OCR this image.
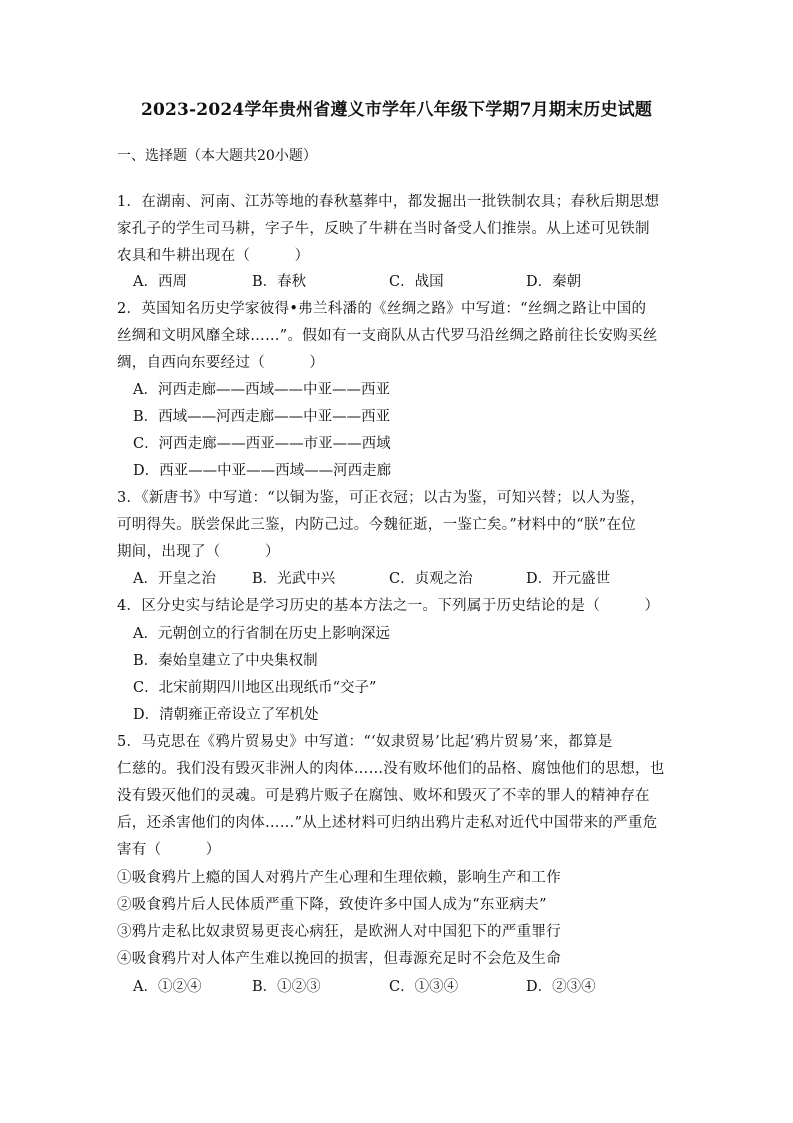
2023-2024学年贵州省遵义市学年八年级下学期7月期末历史试题
一、选择题（本大题共20小题）
1．在湖南、河南、江苏等地的春秋墓葬中，都发掘出一批铁制农具；春秋后期思想
家孔子的学生司马耕，字子牛，反映了牛耕在当时备受人们推崇。从上述可见铁制
农具和牛耕出现在（　　　）
A．西周	B．春秋	C．战国	D．秦朝
2．英国知名历史学家彼得•弗兰科潘的《丝绸之路》中写道：“丝绸之路让中国的
丝绸和文明风靡全球……”。假如有一支商队从古代罗马沿丝绸之路前往长安购买丝
绸，自西向东要经过（　　　）
A．河西走廊——西域——中亚——西亚
B．西域——河西走廊——中亚——西亚
C．河西走廊——西亚——市亚——西域
D．西亚——中亚——西域——河西走廊
3．《新唐书》中写道：“以铜为鉴，可正衣冠；以古为鉴，可知兴替；以人为鉴，
可明得失。朕尝保此三鉴，内防己过。今魏征逝，一鉴亡矣。”材料中的“朕”在位
期间，出现了（　　　）
A．开皇之治 B．光武中兴	C．贞观之治	D．开元盛世
4．区分史实与结论是学习历史的基本方法之一。下列属于历史结论的是（　　　）
A．元朝创立的行省制在历史上影响深远
B．秦始皇建立了中央集权制
C．北宋前期四川地区出现纸币“交子”
D．清朝雍正帝设立了军机处
5．马克思在《鸦片贸易史》中写道：“‘奴隶贸易’比起‘鸦片贸易’来，都算是
仁慈的。我们没有毁灭非洲人的肉体……没有败坏他们的品格、腐蚀他们的思想，也
没有毁灭他们的灵魂。可是鸦片贩子在腐蚀、败坏和毁灭了不幸的罪人的精神存在
后，还杀害他们的肉体……”从上述材料可归纳出鸦片走私对近代中国带来的严重危
害有（　　　）
①吸食鸦片上瘾的国人对鸦片产生心理和生理依赖，影响生产和工作
②吸食鸦片后人民体质严重下降，致使许多中国人成为“东亚病夫”
③鸦片走私比奴隶贸易更丧心病狂，是欧洲人对中国犯下的严重罪行
④吸食鸦片对人体产生难以挽回的损害，但毒源充足时不会危及生命
A．①②④	B．①②③	C．①③④	D．②③④
